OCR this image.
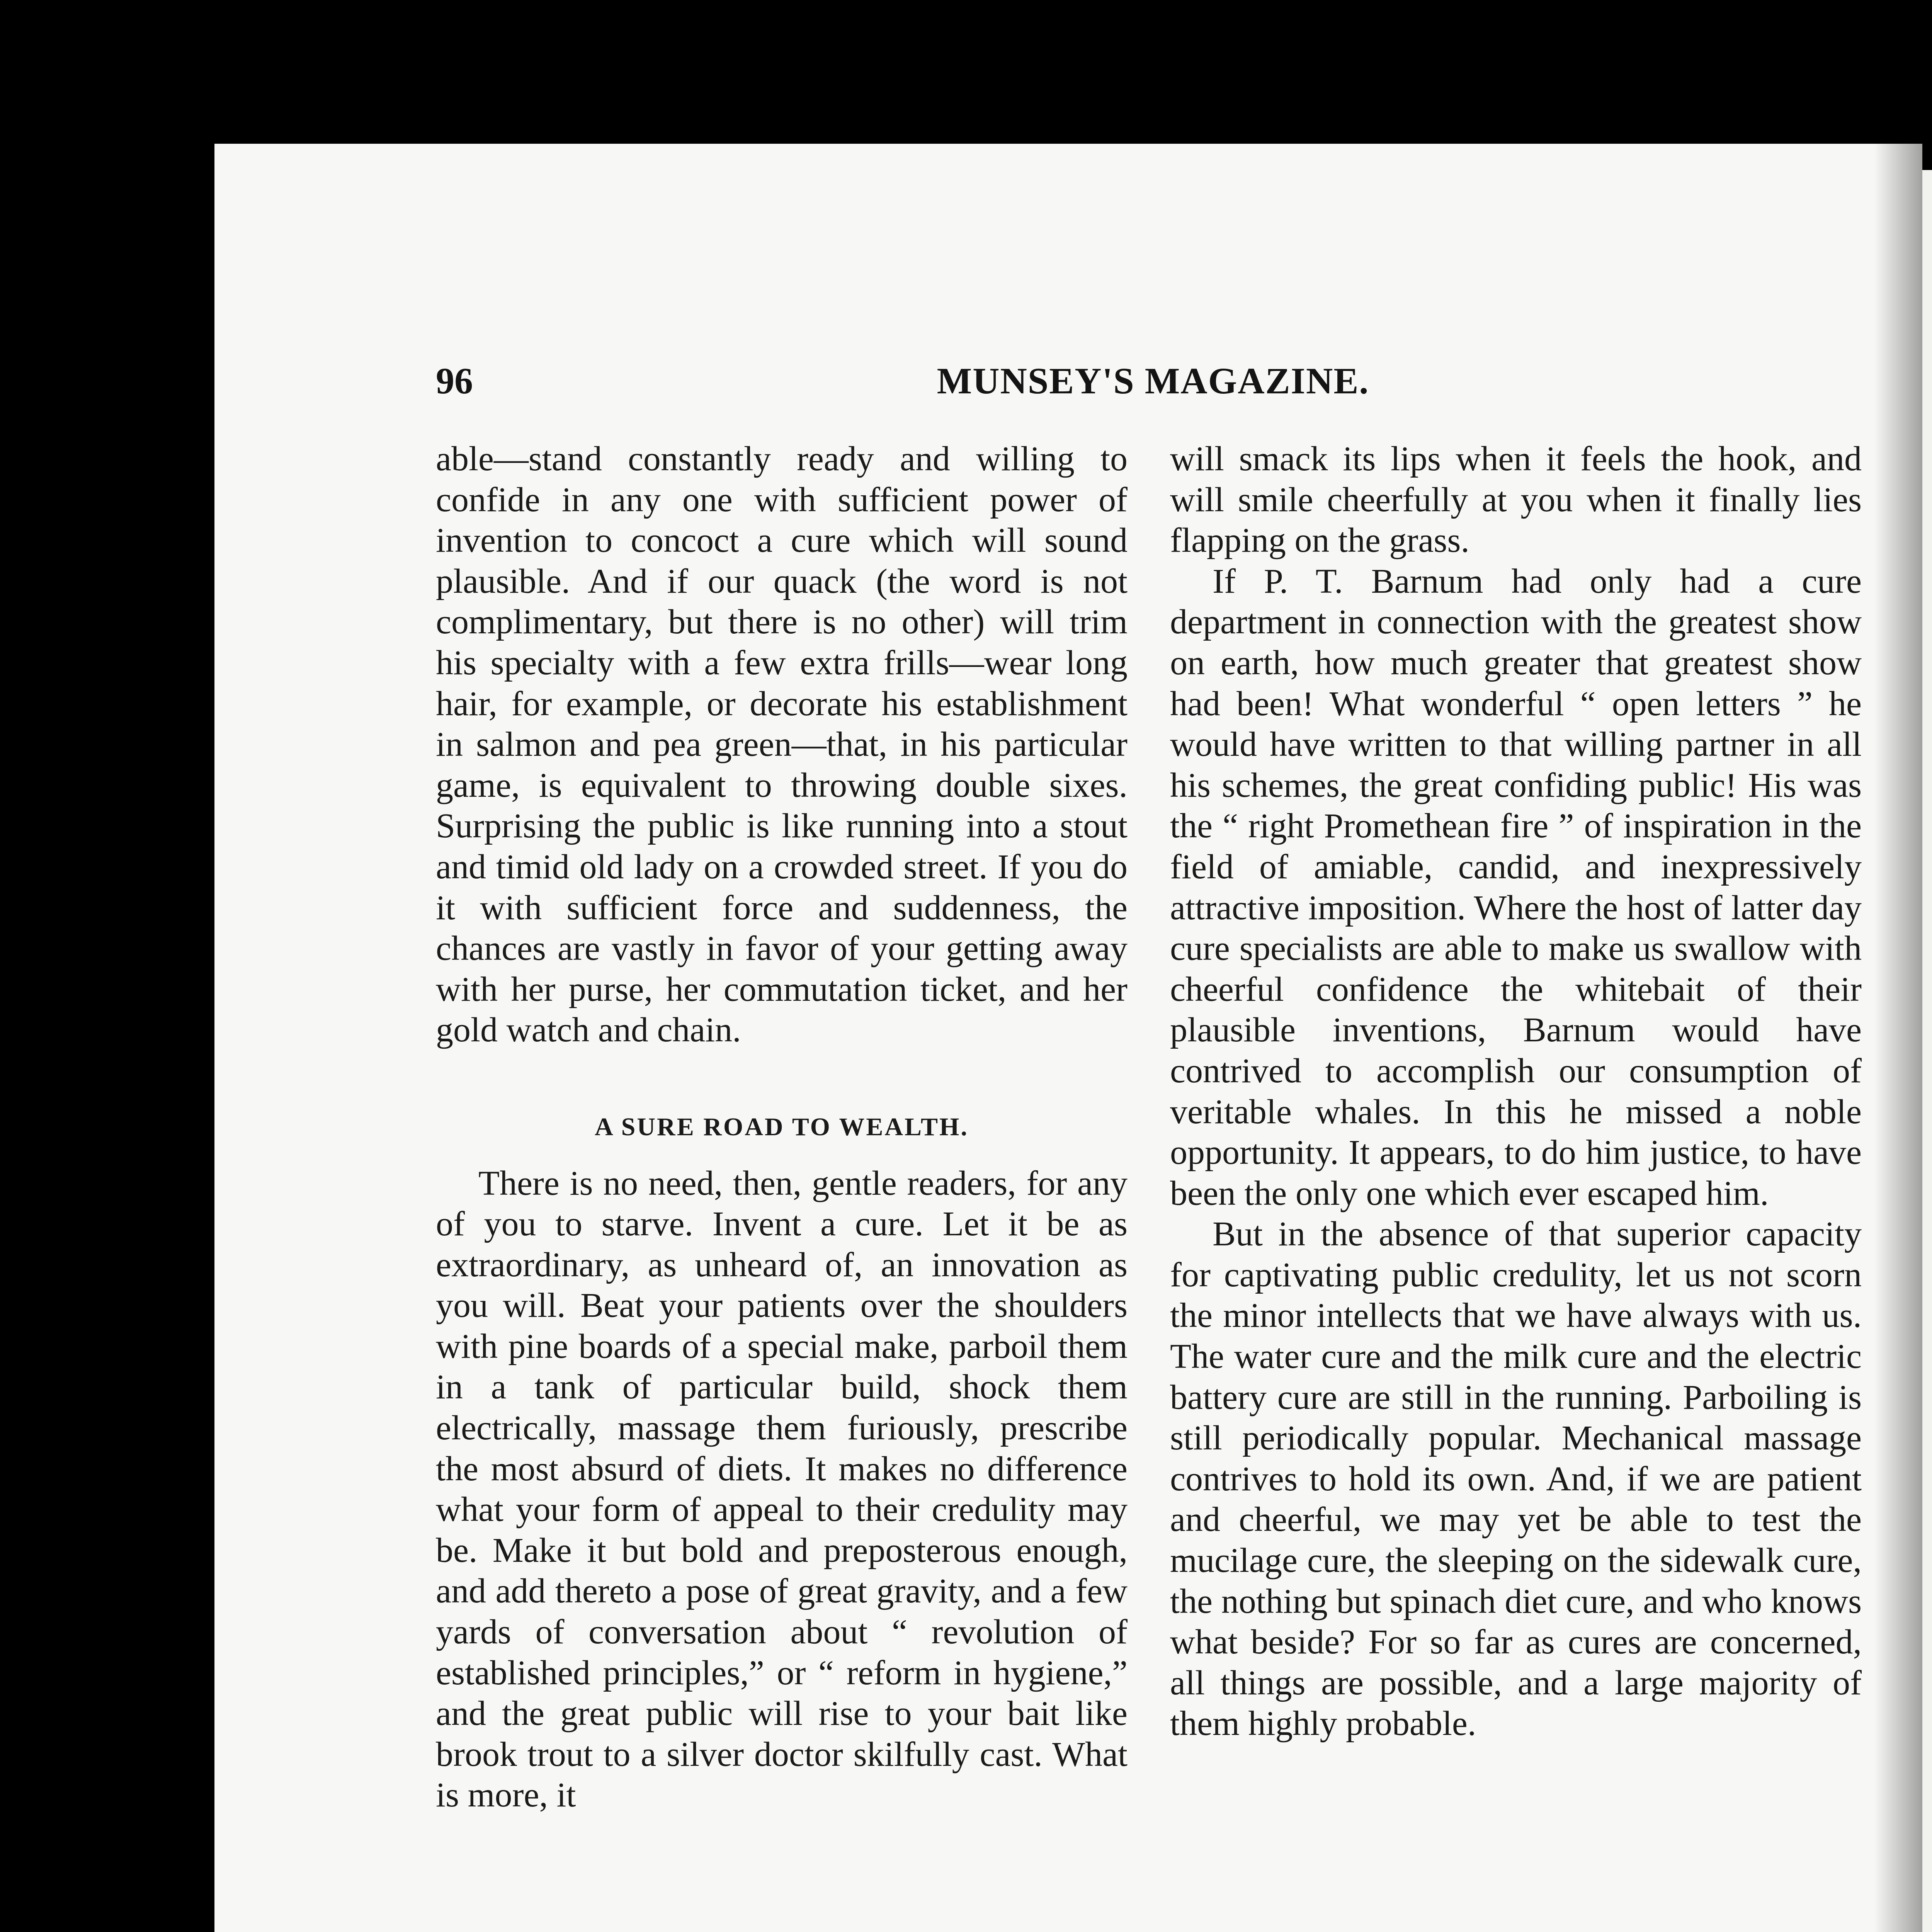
96	MUNSEY'S MAGAZINE.

able—stand constantly ready and willing to confide in any one with sufficient power of invention to concoct a cure which will sound plausible. And if our quack (the word is not complimentary, but there is no other) will trim his specialty with a few extra frills—wear long hair, for example, or decorate his establishment in salmon and pea green—that, in his particular game, is equivalent to throwing double sixes. Surprising the public is like running into a stout and timid old lady on a crowded street. If you do it with sufficient force and suddenness, the chances are vastly in favor of your getting away with her purse, her commutation ticket, and her gold watch and chain.

A SURE ROAD TO WEALTH.

There is no need, then, gentle readers, for any of you to starve. Invent a cure. Let it be as extraordinary, as unheard of, an innovation as you will. Beat your patients over the shoulders with pine boards of a special make, parboil them in a tank of particular build, shock them electrically, massage them furiously, prescribe the most absurd of diets. It makes no difference what your form of appeal to their credulity may be. Make it but bold and preposterous enough, and add thereto a pose of great gravity, and a few yards of conversation about “ revolution of established principles,” or “ reform in hygiene,” and the great public will rise to your bait like brook trout to a silver doctor skilfully cast. What is more, it

will smack its lips when it feels the hook, and will smile cheerfully at you when it finally lies flapping on the grass.

If P. T. Barnum had only had a cure department in connection with the greatest show on earth, how much greater that greatest show had been! What wonderful “ open letters ” he would have written to that willing partner in all his schemes, the great confiding public! His was the “ right Promethean fire ” of inspiration in the field of amiable, candid, and inexpressively attractive imposition. Where the host of latter day cure specialists are able to make us swallow with cheerful confidence the whitebait of their plausible inventions, Barnum would have contrived to accomplish our consumption of veritable whales. In this he missed a noble opportunity. It appears, to do him justice, to have been the only one which ever escaped him.

But in the absence of that superior capacity for captivating public credulity, let us not scorn the minor intellects that we have always with us. The water cure and the milk cure and the electric battery cure are still in the running. Parboiling is still periodically popular. Mechanical massage contrives to hold its own. And, if we are patient and cheerful, we may yet be able to test the mucilage cure, the sleeping on the sidewalk cure, the nothing but spinach diet cure, and who knows what beside? For so far as cures are concerned, all things are possible, and a large majority of them highly probable.
